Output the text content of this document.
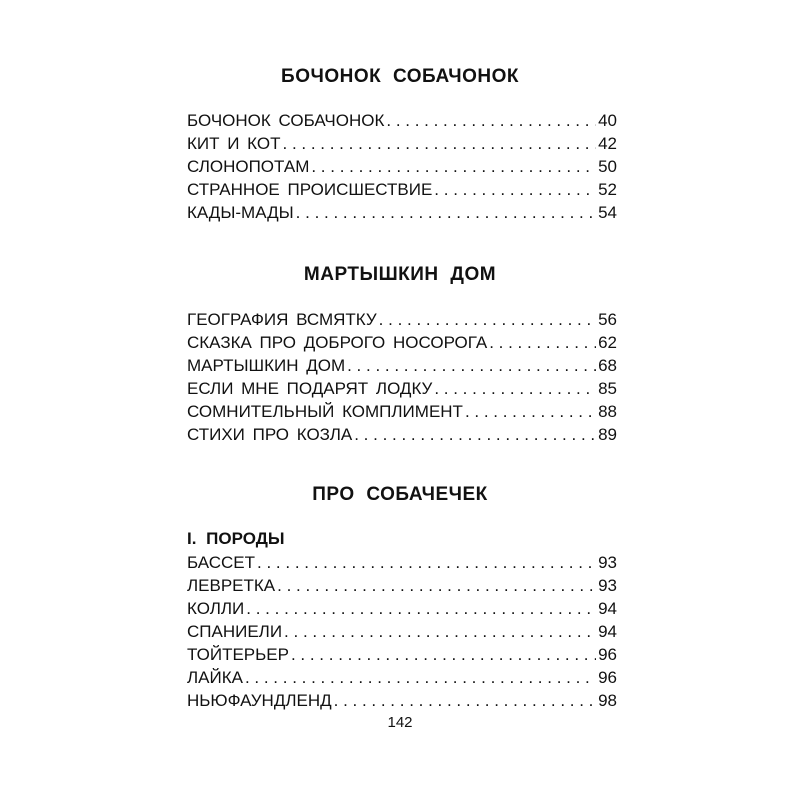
БОЧОНОК СОБАЧОНОК
БОЧОНОК СОБАЧОНОК . . .	40
КИТ И КОТ . . .	42
СЛОНОПОТАМ . . .	50
СТРАННОЕ ПРОИСШЕСТВИЕ . . .	52
КАДЫ-МАДЫ . . .	54
МАРТЫШКИН ДОМ
ГЕОГРАФИЯ ВСМЯТКУ . . .	56
СКАЗКА ПРО ДОБРОГО НОСОРОГА . . .	62
МАРТЫШКИН ДОМ . . .	68
ЕСЛИ МНЕ ПОДАРЯТ ЛОДКУ . . .	85
СОМНИТЕЛЬНЫЙ КОМПЛИМЕНТ . . .	88
СТИХИ ПРО КОЗЛА . . .	89
ПРО СОБАЧЕЧЕК
I. ПОРОДЫ
БАССЕТ . . .	93
ЛЕВРЕТКА . . .	93
КОЛЛИ . . .	94
СПАНИЕЛИ . . .	94
ТОЙТЕРЬЕР . . .	96
ЛАЙКА . . .	96
НЬЮФАУНДЛЕНД . . .	98
142
